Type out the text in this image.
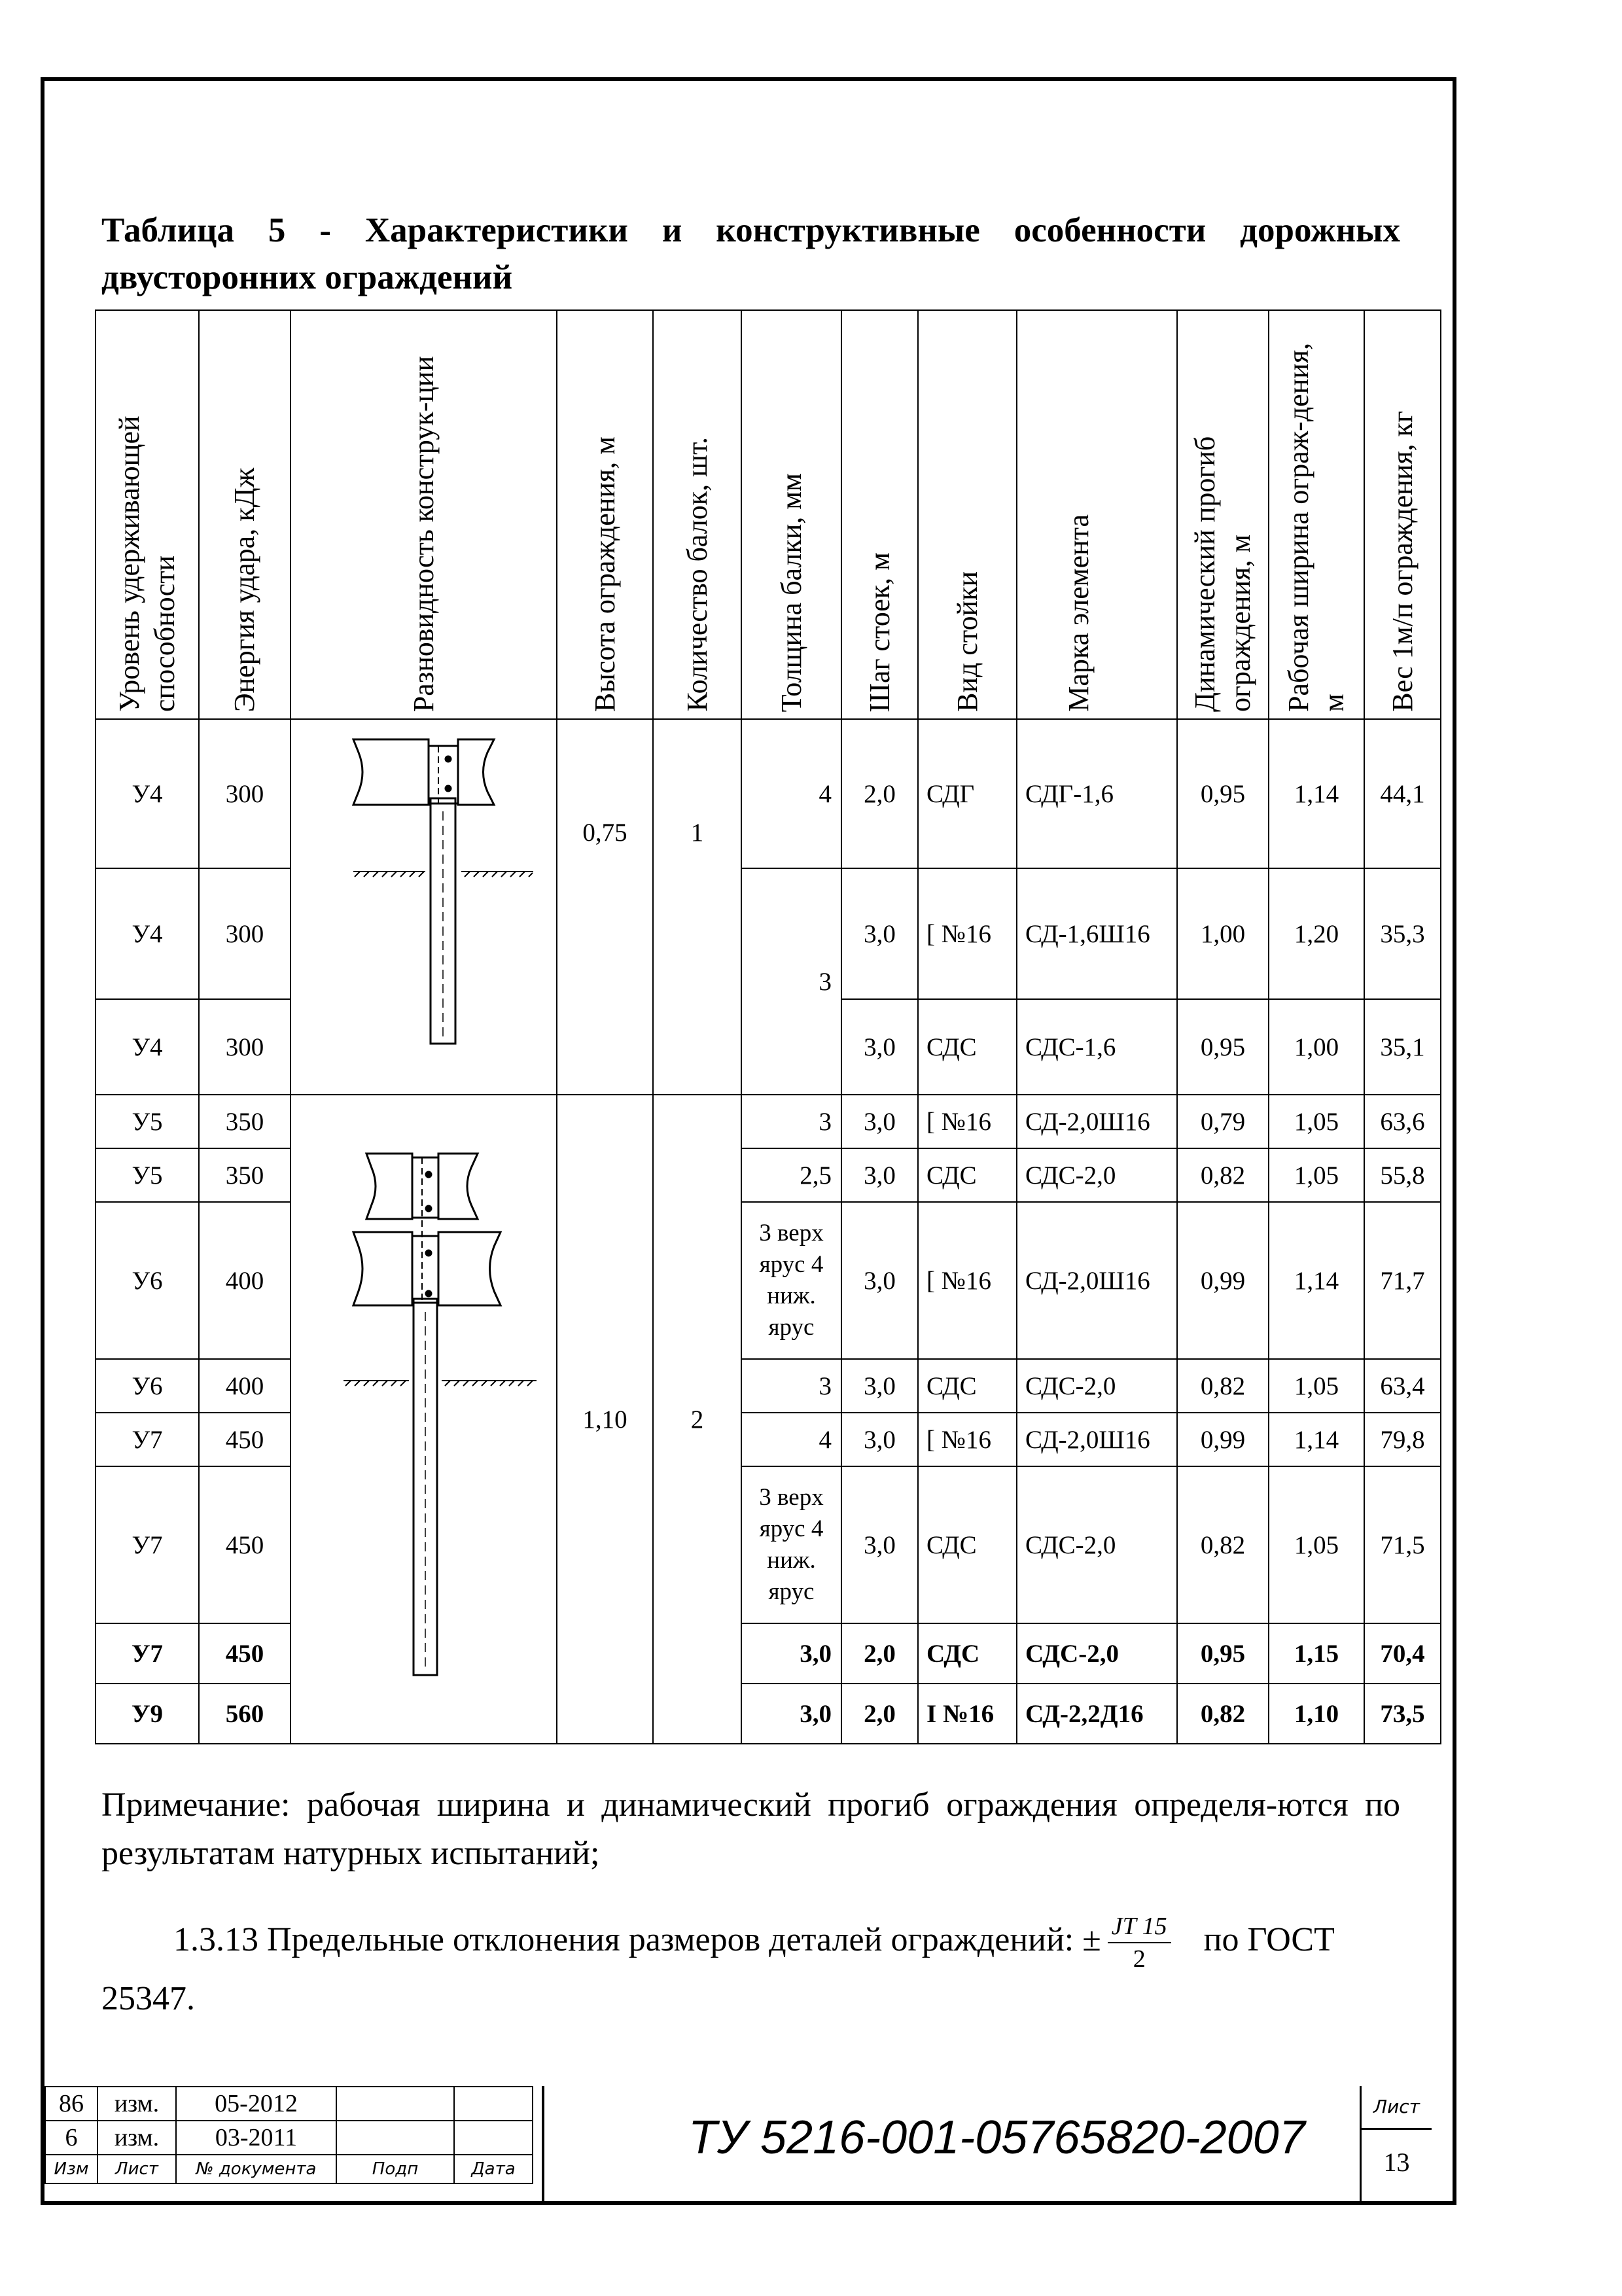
Таблица 5 - Характеристики и конструктивные особенности дорожных двусторонних ограждений
Уровень удерживающей способности	Энергия удара, кДж	Разновидность конструк-ции	Высота ограждения, м	Количество балок, шт.	Толщина балки, мм	Шаг стоек, м	Вид стойки	Марка элемента	Динамический прогиб ограждения, м	Рабочая ширина ограж-дения, м	Вес 1м/п ограждения, кг
У4	300		0,75	1	4	2,0	СДГ	СДГ-1,6	0,95	1,14	44,1
У4	300				3	3,0	[ №16	СД-1,6Ш16	1,00	1,20	35,3
У4	300					3,0	СДС	СДС-1,6	0,95	1,00	35,1
У5	350		1,10	2	3	3,0	[ №16	СД-2,0Ш16	0,79	1,05	63,6
У5	350				2,5	3,0	СДС	СДС-2,0	0,82	1,05	55,8
У6	400				3 верх ярус 4 ниж. ярус	3,0	[ №16	СД-2,0Ш16	0,99	1,14	71,7
У6	400				3	3,0	СДС	СДС-2,0	0,82	1,05	63,4
У7	450				4	3,0	[ №16	СД-2,0Ш16	0,99	1,14	79,8
У7	450				3 верх ярус 4 ниж. ярус	3,0	СДС	СДС-2,0	0,82	1,05	71,5
У7	450				3,0	2,0	СДС	СДС-2,0	0,95	1,15	70,4
У9	560				3,0	2,0	I №16	СД-2,2Д16	0,82	1,10	73,5
Примечание: рабочая ширина и динамический прогиб ограждения определя-ются по результатам натурных испытаний;
1.3.13 Предельные отклонения размеров деталей ограждений: ± $\frac{JT 15}{2}$ по ГОСТ 25347.
86	изм.	05-2012		
6	изм.	03-2011		
Изм	Лист	№ документа	Подп	Дата
ТУ 5216-001-05765820-2007
Лист
13
